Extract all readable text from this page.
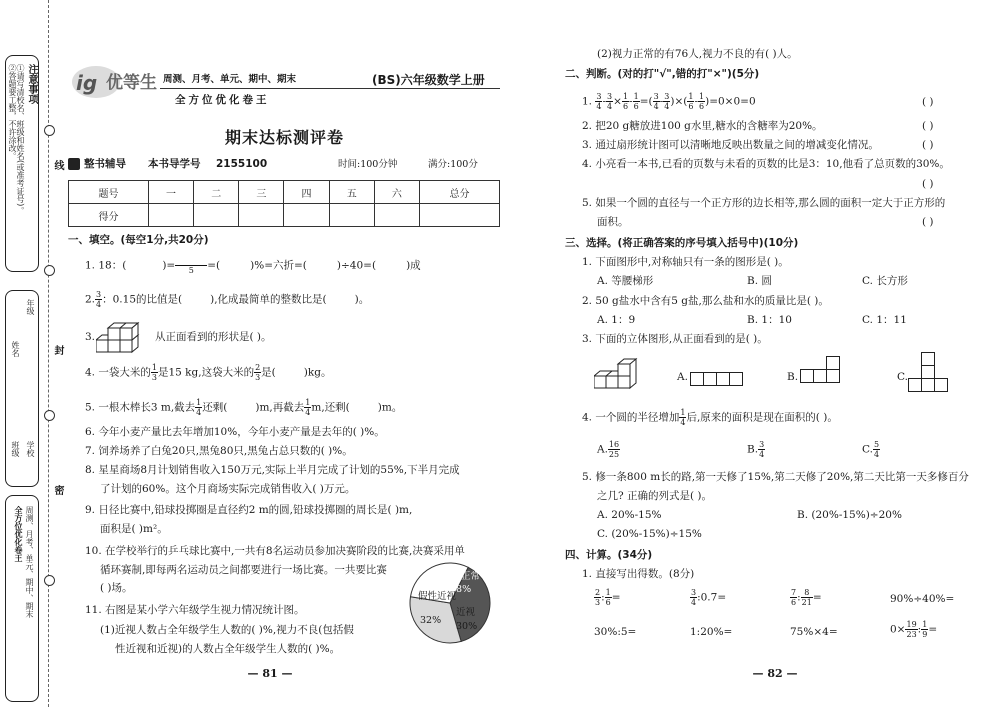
注意事项
①请写清校名、班级和姓名(或准考证号)。
②答题要工整，不许涂改。
学校
年级
班级
姓名
周测、月考、单元、期中、期末
全方位优化卷王
线
封
密
ig 优等生 周测、月考、单元、期中、期末	(BS)六年级数学上册
全方位优化卷王
期末达标测评卷
整书辅导 本书导学号 2155100	时间:100分钟	满分:100分
题号	一	二	三	四	五	六	总分
得分							
一、填空。(每空1分,共20分)
1. 18：(	)=
	5	=(	)%=六折=(	)÷40=(	)成
2. $\frac{3}{4}$ ：0.15的比值是(	),化成最简单的整数比是(	)。
3.	从正面看到的形状是( )。
4. 一袋大米的 $\frac{1}{3}$ 是15 kg,这袋大米的 $\frac{2}{3}$ 是(	)kg。
5. 一根木棒长3 m,截去 $\frac{1}{4}$ 还剩(	)m,再截去 $\frac{1}{4} m$,还剩(	)m。
6. 今年小麦产量比去年增加10%，今年小麦产量是去年的( )%。
7. 饲养场养了白兔20只,黑兔80只,黑兔占总只数的( )%。
8. 星星商场8月计划销售收入150万元,实际上半月完成了计划的55%,下半月完成
了计划的60%。这个月商场实际完成销售收入( )万元。
9. 日径比赛中,铅球投掷圈是直径约2 m的圆,铅球投掷圈的周长是( )m,
面积是( )m²。
10. 在学校举行的乒乓球比赛中,一共有8名运动员参加决赛阶段的比赛,决赛采用单
循环赛制,即每两名运动员之间都要进行一场比赛。一共要比赛
( )场。
11. 右图是某小学六年级学生视力情况统计图。
(1)近视人数占全年级学生人数的( )%,视力不良(包括假
性近视和近视)的人数占全年级学生人数的( )%。
视力正常
38%
假性近视
32%
近视
30%
— 81 —
(2)视力正常的有76人,视力不良的有( )人。
二、判断。(对的打"√",错的打"×")(5分)
1. $\frac{3}{4} - \frac{3}{4} \times \frac{1}{6} - \frac{1}{6}$ =( $\frac{3}{4} - \frac{3}{4}$ )×( $\frac{1}{6} - \frac{1}{6} )=0\times 0=0$	( )
2. 把20 g糖放进100 g水里,糖水的含糖率为20%。	( )
3. 通过扇形统计图可以清晰地反映出数量之间的增减变化情况。	( )
4. 小亮看一本书,已看的页数与未看的页数的比是3：10,他看了总页数的30%。
( )
5. 如果一个圆的直径与一个正方形的边长相等,那么圆的面积一定大于正方形的
面积。	( )
三、选择。(将正确答案的序号填入括号中)(10分)
1. 下面图形中,对称轴只有一条的图形是( )。
A. 等腰梯形	B. 圆	C. 长方形
2. 50 g盐水中含有5 g盐,那么盐和水的质量比是( )。
A. 1：9	B. 1：10	C. 1：11
3. 下面的立体图形,从正面看到的是( )。
A.	B.	C.
4. 一个圆的半径增加 $\frac{1}{4}$ 后,原来的面积是现在面积的( )。
A. $\frac{16}{25}$	B. $\frac{3}{4}$	C. $\frac{5}{4}$
5. 修一条800 m长的路,第一天修了15%,第二天修了20%,第二天比第一天多修百分
之几? 正确的列式是( )。
A. 20%-15%	B. (20%-15%)÷20%
C. (20%-15%)÷15%
四、计算。(34分)
1. 直接写出得数。(8分)
$\frac{2}{3}$ : $\frac{1}{6}$ =	$\frac{3}{4}$ :0.7=	$\frac{7}{6}$ : $\frac{8}{21}$ =	90%÷40%=
30%:5=	1:20%=	75%×4=	$0\times \frac{19}{23}$ : $\frac{1}{9}$ =
— 82 —
